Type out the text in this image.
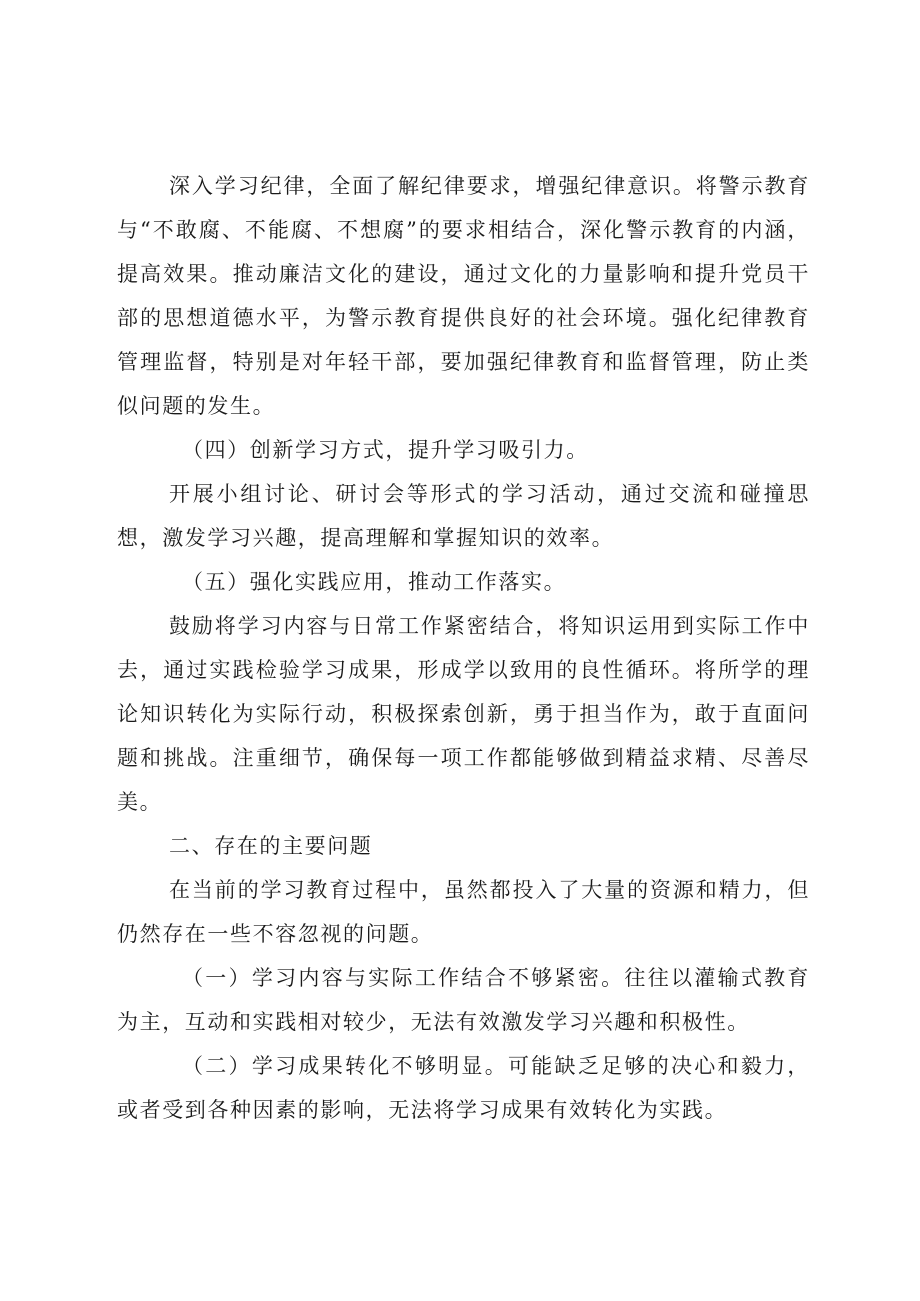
深入学习纪律，全面了解纪律要求，增强纪律意识。将警示教育与“不敢腐、不能腐、不想腐”的要求相结合，深化警示教育的内涵，提高效果。推动廉洁文化的建设，通过文化的力量影响和提升党员干部的思想道德水平，为警示教育提供良好的社会环境。强化纪律教育管理监督，特别是对年轻干部，要加强纪律教育和监督管理，防止类似问题的发生。

（四）创新学习方式，提升学习吸引力。

开展小组讨论、研讨会等形式的学习活动，通过交流和碰撞思想，激发学习兴趣，提高理解和掌握知识的效率。

（五）强化实践应用，推动工作落实。

鼓励将学习内容与日常工作紧密结合，将知识运用到实际工作中去，通过实践检验学习成果，形成学以致用的良性循环。将所学的理论知识转化为实际行动，积极探索创新，勇于担当作为，敢于直面问题和挑战。注重细节，确保每一项工作都能够做到精益求精、尽善尽美。

二、存在的主要问题

在当前的学习教育过程中，虽然都投入了大量的资源和精力，但仍然存在一些不容忽视的问题。

（一）学习内容与实际工作结合不够紧密。往往以灌输式教育为主，互动和实践相对较少，无法有效激发学习兴趣和积极性。

（二）学习成果转化不够明显。可能缺乏足够的决心和毅力，或者受到各种因素的影响，无法将学习成果有效转化为实践。
